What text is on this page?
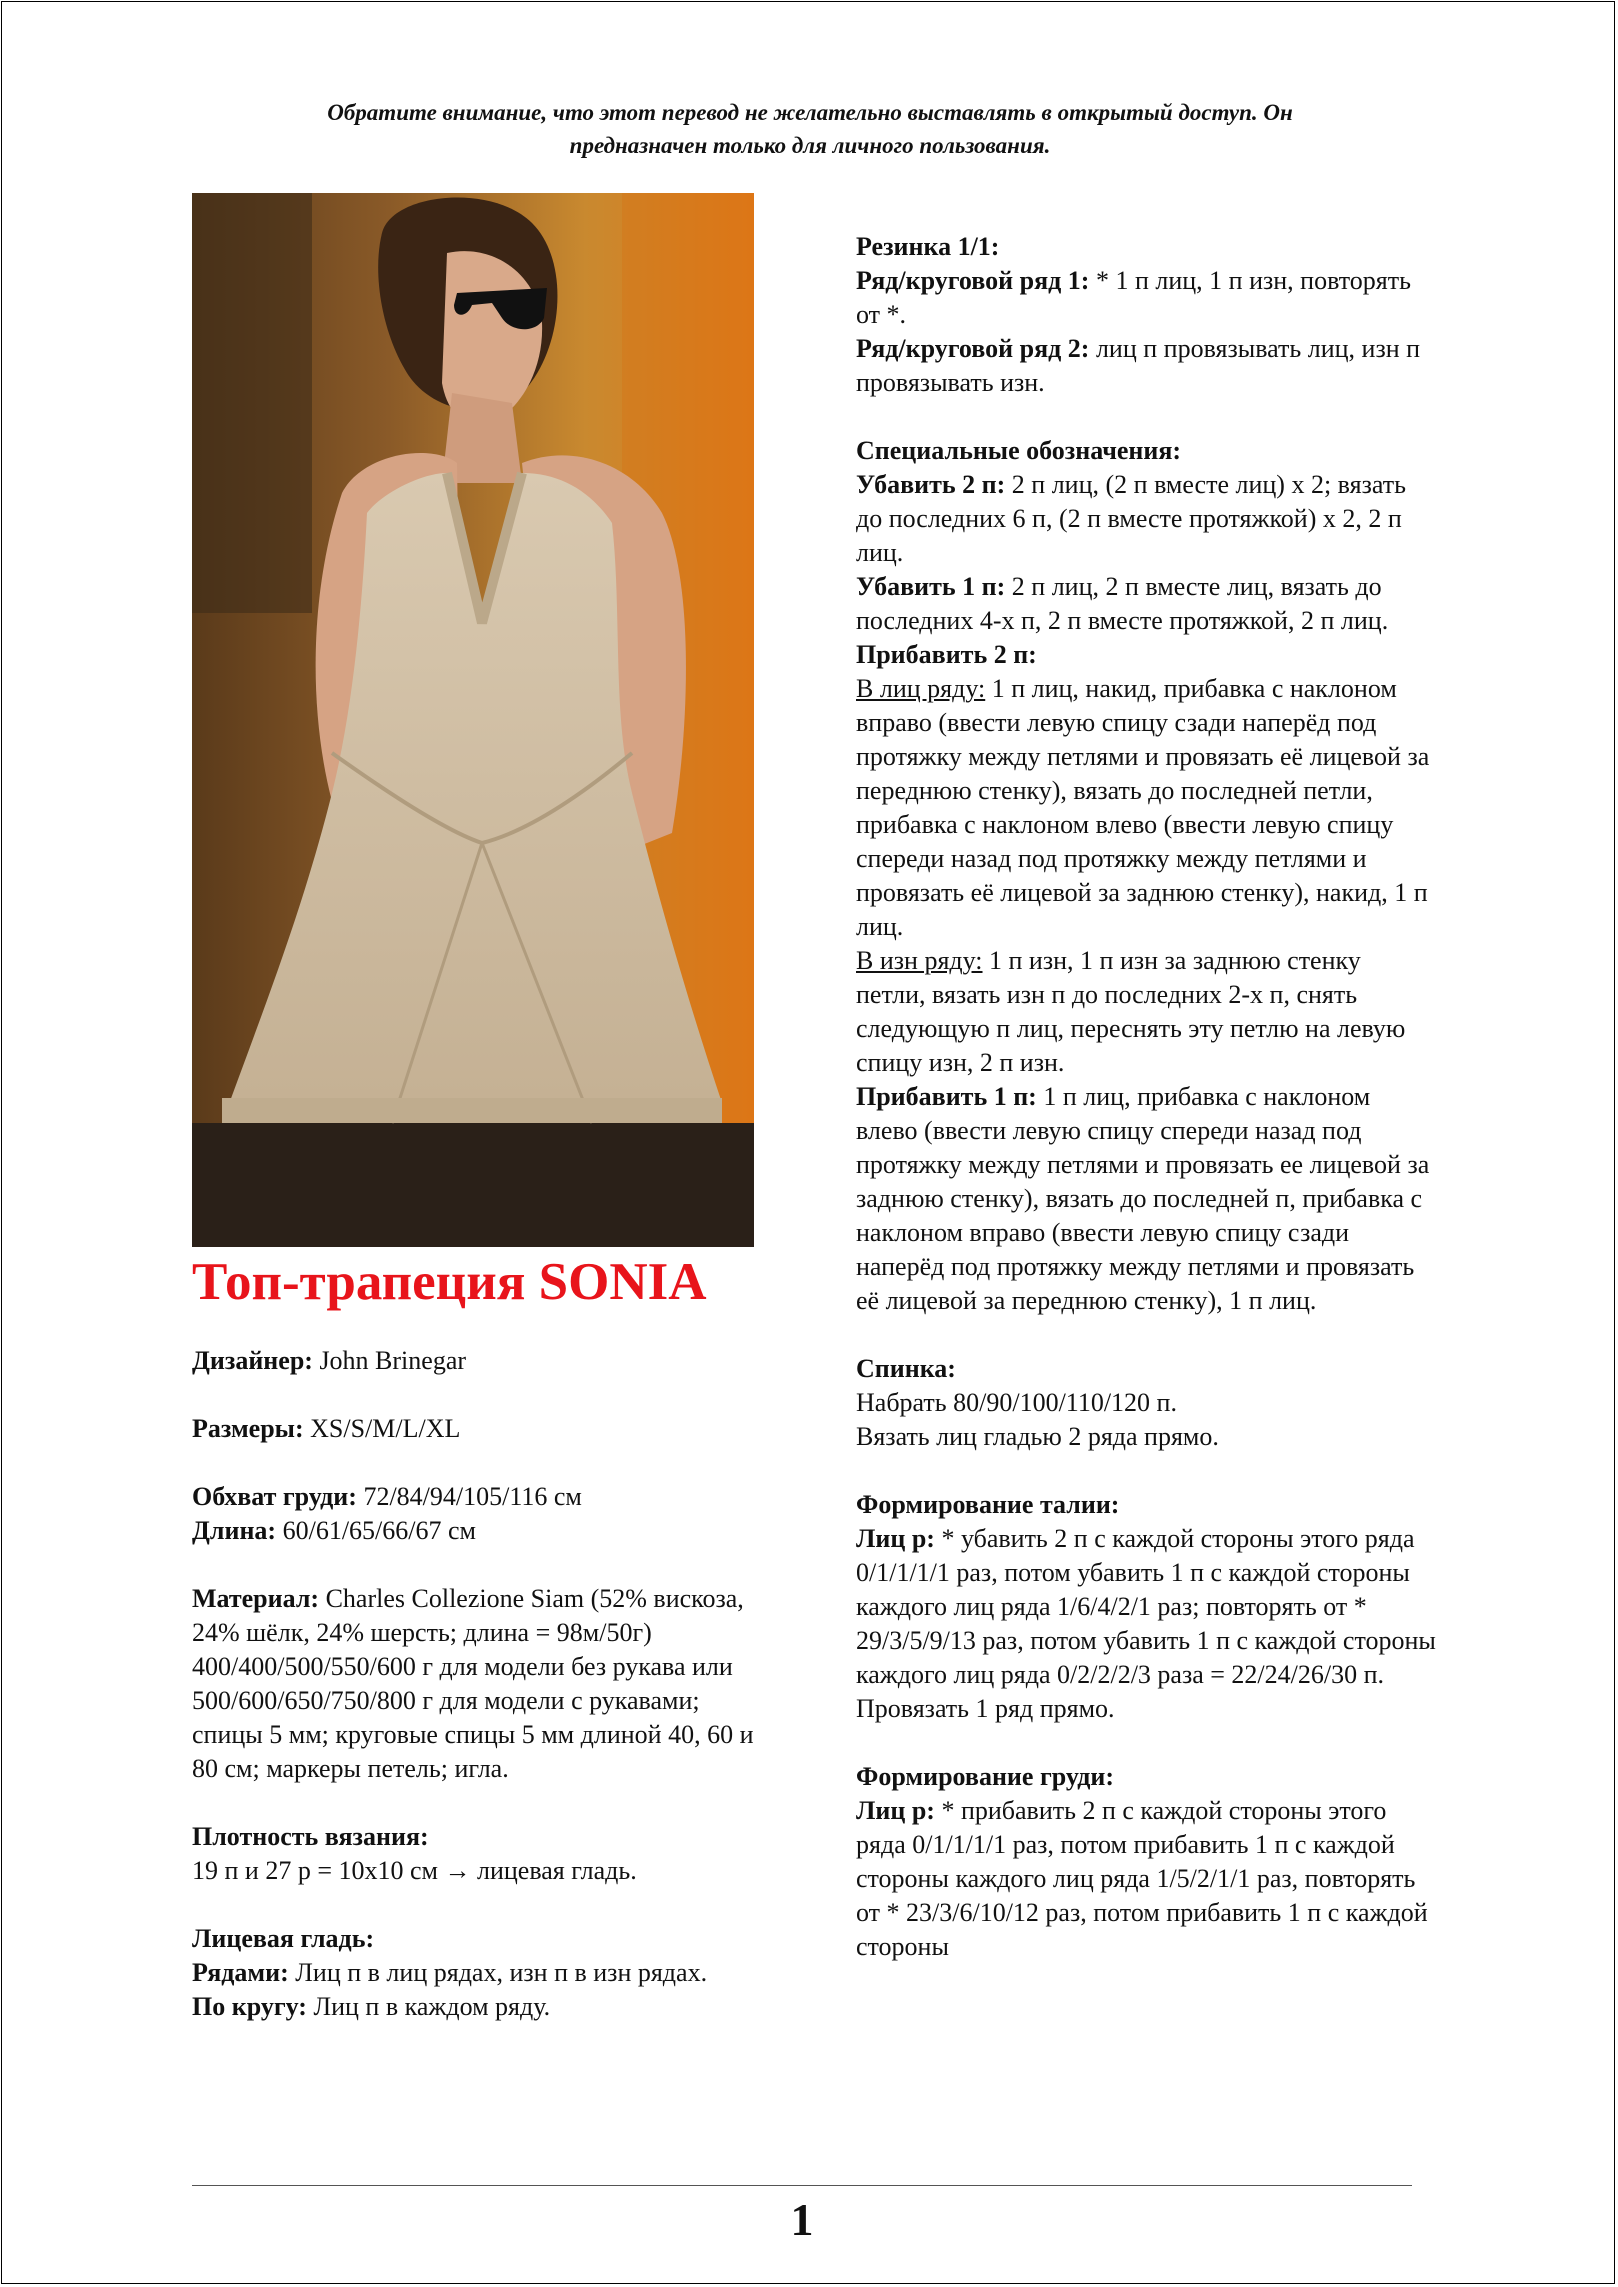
Обратите внимание, что этот перевод не желательно выставлять в открытый доступ. Он
предназначен только для личного пользования.
Топ-трапеция SONIA

Дизайнер: John Brinegar

Размеры: XS/S/M/L/XL

Обхват груди: 72/84/94/105/116 см

Длина: 60/61/65/66/67 см

Материал: Charles Collezione Siam (52% вискоза, 24% шёлк, 24% шерсть; длина = 98м/50г) 400/400/500/550/600 г для модели без рукава или 500/600/650/750/800 г для модели с рукавами; спицы 5 мм; круговые спицы 5 мм длиной 40, 60 и 80 см; маркеры петель; игла.

Плотность вязания:

19 п и 27 р = 10х10 см → лицевая гладь.

Лицевая гладь:

Рядами: Лиц п в лиц рядах, изн п в изн рядах.

По кругу: Лиц п в каждом ряду.

Резинка 1/1:

Ряд/круговой ряд 1: * 1 п лиц, 1 п изн, повторять от *.

Ряд/круговой ряд 2: лиц п провязывать лиц, изн п провязывать изн.

Специальные обозначения:

Убавить 2 п: 2 п лиц, (2 п вместе лиц) х 2; вязать до последних 6 п, (2 п вместе протяжкой) х 2, 2 п лиц.

Убавить 1 п: 2 п лиц, 2 п вместе лиц, вязать до последних 4-х п, 2 п вместе протяжкой, 2 п лиц.

Прибавить 2 п:

В лиц ряду: 1 п лиц, накид, прибавка с наклоном вправо (ввести левую спицу сзади наперёд под протяжку между петлями и провязать её лицевой за переднюю стенку), вязать до последней петли, прибавка с наклоном влево (ввести левую спицу спереди назад под протяжку между петлями и провязать её лицевой за заднюю стенку), накид, 1 п лиц.

В изн ряду: 1 п изн, 1 п изн за заднюю стенку петли, вязать изн п до последних 2-х п, снять следующую п лиц, переснять эту петлю на левую спицу изн, 2 п изн.

Прибавить 1 п: 1 п лиц, прибавка с наклоном влево (ввести левую спицу спереди назад под протяжку между петлями и провязать ее лицевой за заднюю стенку), вязать до последней п, прибавка с наклоном вправо (ввести левую спицу сзади наперёд под протяжку между петлями и провязать её лицевой за переднюю стенку), 1 п лиц.

Спинка:

Набрать 80/90/100/110/120 п.

Вязать лиц гладью 2 ряда прямо.

Формирование талии:

Лиц р: * убавить 2 п с каждой стороны этого ряда 0/1/1/1/1 раз, потом убавить 1 п с каждой стороны каждого лиц ряда 1/6/4/2/1 раз; повторять от * 29/3/5/9/13 раз, потом убавить 1 п с каждой стороны каждого лиц ряда 0/2/2/2/3 раза = 22/24/26/30 п.

Провязать 1 ряд прямо.

Формирование груди:

Лиц р: * прибавить 2 п с каждой стороны этого ряда 0/1/1/1/1 раз, потом прибавить 1 п с каждой стороны каждого лиц ряда 1/5/2/1/1 раз, повторять от * 23/3/6/10/12 раз, потом прибавить 1 п с каждой стороны

1
